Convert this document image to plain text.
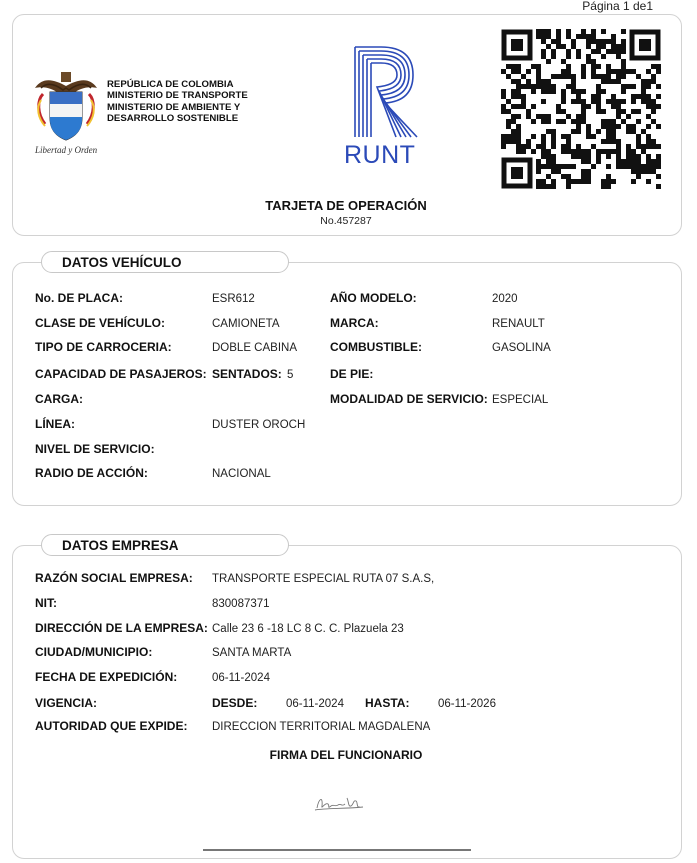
Página 1 de1
Libertad y Orden
REPÚBLICA DE COLOMBIA
MINISTERIO DE TRANSPORTE
MINISTERIO DE AMBIENTE Y
DESARROLLO SOSTENIBLE
RUNT
TARJETA DE OPERACIÓN
No.457287
DATOS VEHÍCULO
No. DE PLACA:	ESR612	AÑO MODELO:	2020
CLASE DE VEHÍCULO:	CAMIONETA	MARCA:	RENAULT
TIPO DE CARROCERIA:	DOBLE CABINA	COMBUSTIBLE:	GASOLINA
CAPACIDAD DE PASAJEROS: SENTADOS: 5	DE PIE:
CARGA:	MODALIDAD DE SERVICIO: ESPECIAL
LÍNEA:	DUSTER OROCH
NIVEL DE SERVICIO:
RADIO DE ACCIÓN:	NACIONAL
DATOS EMPRESA
RAZÓN SOCIAL EMPRESA: TRANSPORTE ESPECIAL RUTA 07 S.A.S,
NIT:	830087371
DIRECCIÓN DE LA EMPRESA: Calle 23 6 -18 LC 8 C. C. Plazuela 23
CIUDAD/MUNICIPIO:	SANTA MARTA
FECHA DE EXPEDICIÓN:	06-11-2024
VIGENCIA:	DESDE: 06-11-2024 HASTA: 06-11-2026
AUTORIDAD QUE EXPIDE: DIRECCION TERRITORIAL MAGDALENA
FIRMA DEL FUNCIONARIO
